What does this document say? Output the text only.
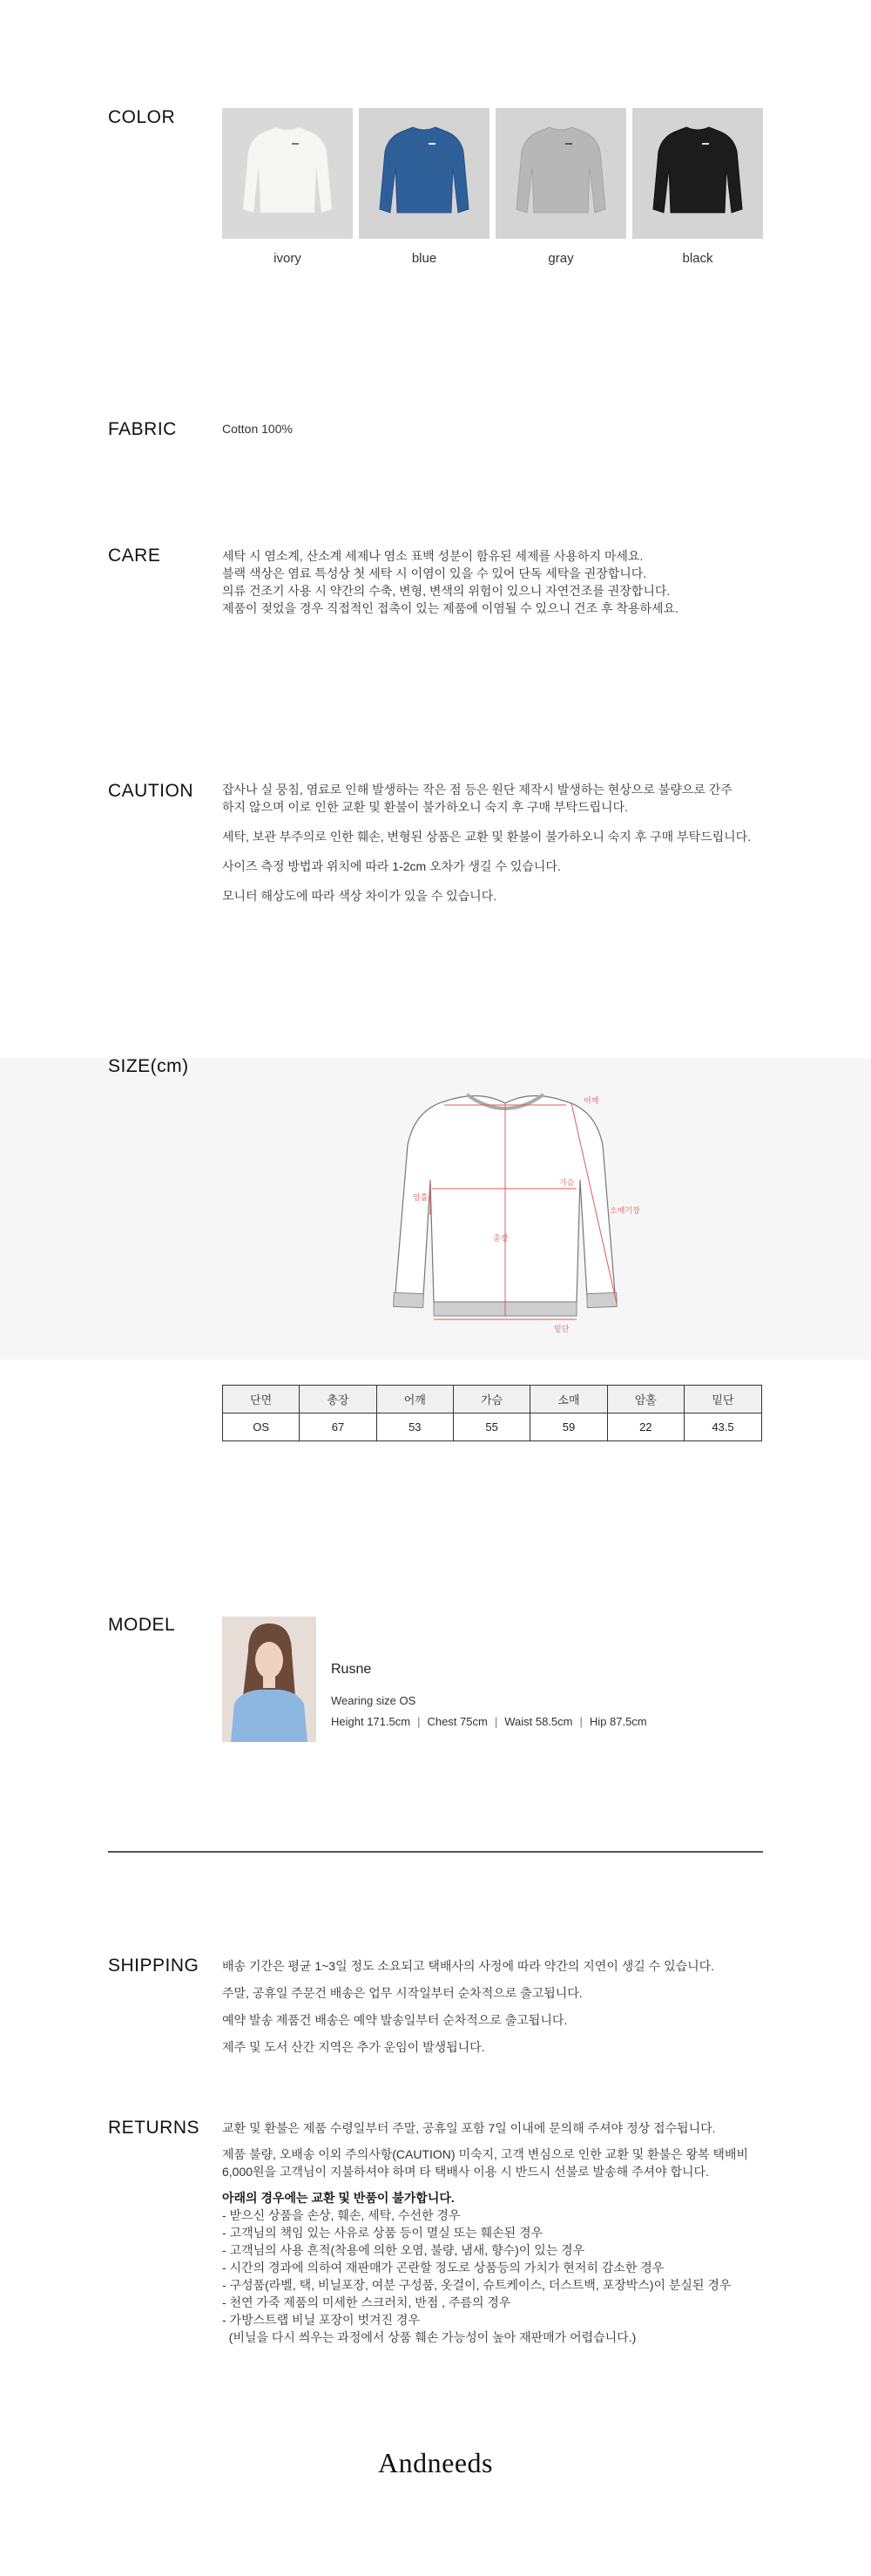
COLOR
ivory	blue	gray	black
FABRIC	Cotton 100%
CARE	세탁 시 염소계, 산소계 세제나 염소 표백 성분이 함유된 세제를 사용하지 마세요.

블랙 색상은 염료 특성상 첫 세탁 시 이염이 있을 수 있어 단독 세탁을 권장합니다.

의류 건조기 사용 시 약간의 수축, 변형, 변색의 위험이 있으니 자연건조를 권장합니다.

제품이 젖었을 경우 직접적인 접촉이 있는 제품에 이염될 수 있으니 건조 후 착용하세요.

CAUTION 잡사나 실 뭉침, 염료로 인해 발생하는 작은 점 등은 원단 제작시 발생하는 현상으로 불량으로 간주

하지 않으며 이로 인한 교환 및 환불이 불가하오니 숙지 후 구매 부탁드립니다.

세탁, 보관 부주의로 인한 훼손, 변형된 상품은 교환 및 환불이 불가하오니 숙지 후 구매 부탁드립니다.

사이즈 측정 방법과 위치에 따라 1-2cm 오차가 생길 수 있습니다.

모니터 해상도에 따라 색상 차이가 있을 수 있습니다.

SIZE(cm)
어깨
암홀
가슴
총장
소매기장
밑단
단면	총장	어깨	가슴	소매	암홀	밑단
OS	67	53	55	59	22	43.5
MODEL
Rusne
Wearing size OS
Height 171.5cm | Chest 75cm | Waist 58.5cm | Hip 87.5cm
SHIPPING 배송 기간은 평균 1~3일 정도 소요되고 택배사의 사정에 따라 약간의 지연이 생길 수 있습니다.

주말, 공휴일 주문건 배송은 업무 시작일부터 순차적으로 출고됩니다.

예약 발송 제품건 배송은 예약 발송일부터 순차적으로 출고됩니다.

제주 및 도서 산간 지역은 추가 운임이 발생됩니다.

RETURNS 교환 및 환불은 제품 수령일부터 주말, 공휴일 포함 7일 이내에 문의해 주셔야 정상 접수됩니다.

제품 불량, 오배송 이외 주의사항(CAUTION) 미숙지, 고객 변심으로 인한 교환 및 환불은 왕복 택배비

6,000원을 고객님이 지불하셔야 하며 타 택배사 이용 시 반드시 선불로 발송해 주셔야 합니다.

아래의 경우에는 교환 및 반품이 불가합니다.

- 받으신 상품을 손상, 훼손, 세탁, 수선한 경우

- 고객님의 책임 있는 사유로 상품 등이 멸실 또는 훼손된 경우

- 고객님의 사용 흔적(착용에 의한 오염, 불량, 냄새, 향수)이 있는 경우

- 시간의 경과에 의하여 재판매가 곤란할 정도로 상품등의 가치가 현저히 감소한 경우

- 구성품(라벨, 택, 비닐포장, 여분 구성품, 옷걸이, 슈트케이스, 더스트백, 포장박스)이 분실된 경우

- 천연 가죽 제품의 미세한 스크러치, 반점 , 주름의 경우

- 가방스트랩 비닐 포장이 벗겨진 경우

(비닐을 다시 씌우는 과정에서 상품 훼손 가능성이 높아 재판매가 어렵습니다.)

Andneeds
